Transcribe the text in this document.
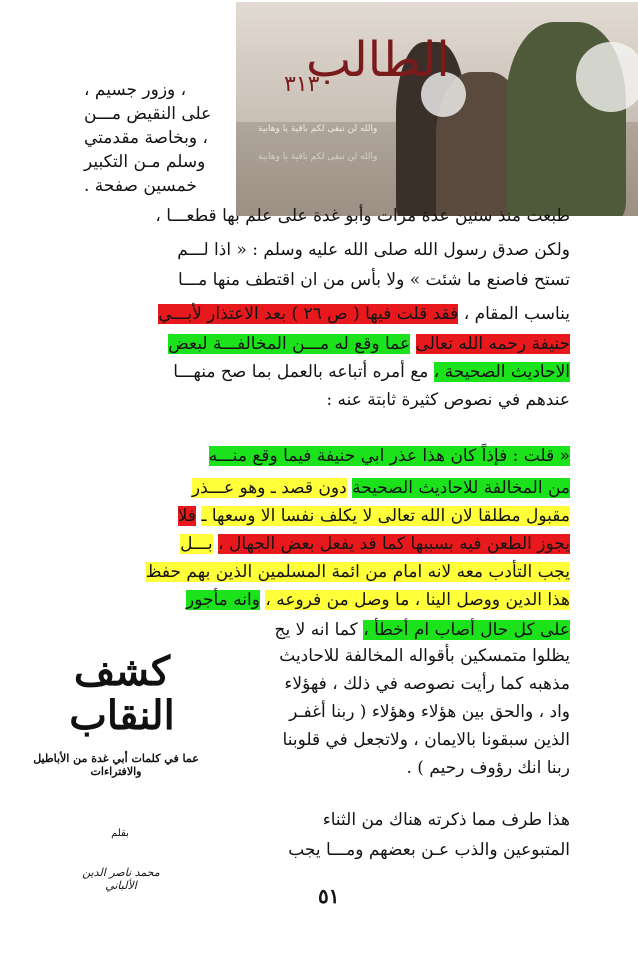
الطالب
٣١٣
والله لن تبقى لكم باقية يا وهابية
والله لن تبقى لكم باقية يا وهابية
، وزور جسيم ،
على النقيض مـــن
، وبخاصة مقدمتي
وسلم مـن التكبير
خمسين صفحة .
طبعت منذ سنين عدة مرات وأبو غدة على علم بها قطعـــا ،
ولكن صدق رسول الله صلى الله عليه وسلم : « اذا لـــم
تستح فاصنع ما شئت » ولا بأس من ان اقتطف منها مـــا
يناسب المقام ، فقد قلت فيها ( ص ٢٦ ) بعد الاعتذار لأبـــي
حنيفة رحمه الله تعالى عما وقع له مـــن المخالفـــة لبعض
الاحاديث الصحيحة ، مع أمره أتباعه بالعمل بما صح منهـــا
عندهم في نصوص كثيرة ثابتة عنه :
« قلت : فإذاً كان هذا عذر ابي حنيفة فيما وقع منـــه
من المخالفة للاحاديث الصحيحة دون قصد ـ وهو عـــذر
مقبول مطلقا لان الله تعالى لا يكلف نفسا الا وسعها ـ فلا
يجوز الطعن فيه بسببها كما قد يفعل بعض الجهال ، بـــل
يجب التأدب معه لانه امام من ائمة المسلمين الذين بهم حفظ
هذا الدين ووصل الينا ، ما وصل من فروعه ، وانه مأجور
على كل حال أصاب ام أخطأ ، كما انه لا يج
يظلوا متمسكين بأقواله المخالفة للاحاديث
مذهبه كما رأيت نصوصه في ذلك ، فهؤلاء
واد ، والحق بين هؤلاء وهؤلاء ( ربنا أغفـر
الذين سبقونا بالايمان ، ولاتجعل في قلوبنا
ربنا انك رؤوف رحيم ) .
هذا طرف مما ذكرته هناك من الثناء
المتبوعين والذب عـن بعضهم ومـــا يجب
كشف النقاب
عما في كلمات أبي غدة من الأباطيل والافتراءات
بقلم
محمد ناصر الدين الألباني	٥١
